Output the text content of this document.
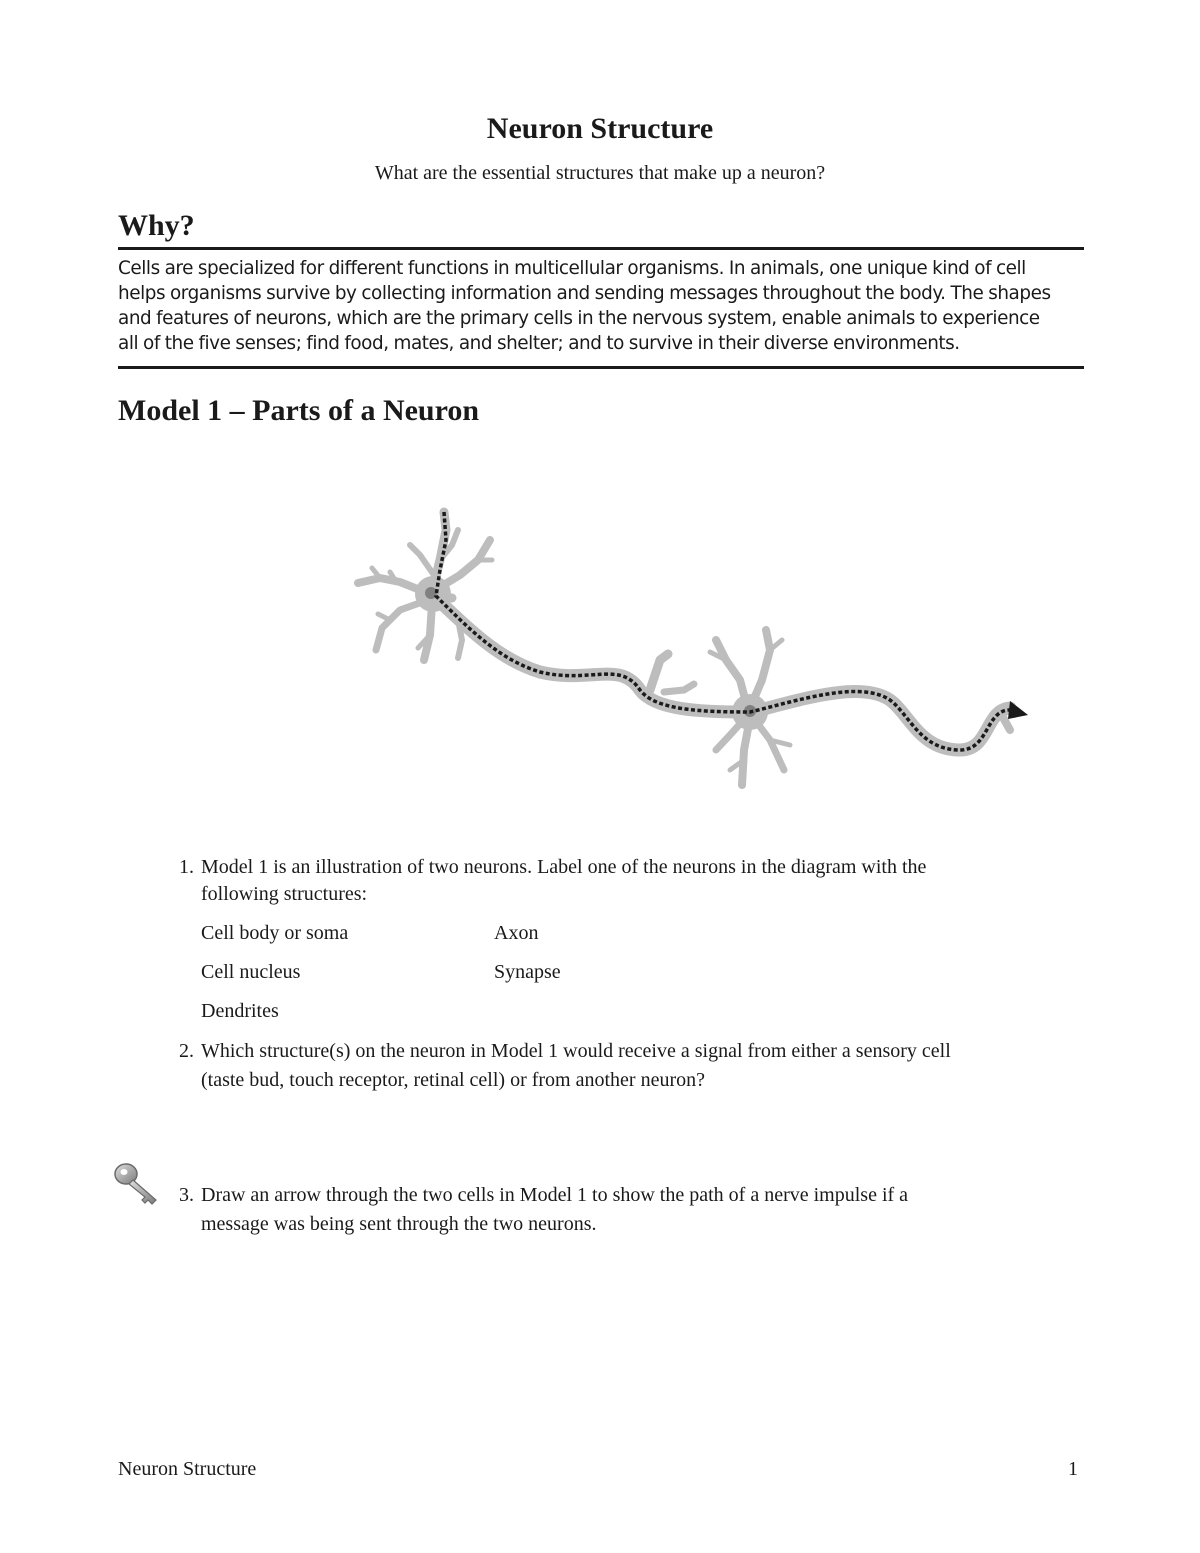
Neuron Structure
What are the essential structures that make up a neuron?
Why?
Cells are specialized for different functions in multicellular organisms. In animals, one unique kind of cell
helps organisms survive by collecting information and sending messages throughout the body. The shapes
and features of neurons, which are the primary cells in the nervous system, enable animals to experience
all of the five senses; find food, mates, and shelter; and to survive in their diverse environments.
Model 1 – Parts of a Neuron
1. Model 1 is an illustration of two neurons. Label one of the neurons in the diagram with the
following structures:
Cell body or soma	Axon
Cell nucleus	Synapse
Dendrites
2. Which structure(s) on the neuron in Model 1 would receive a signal from either a sensory cell
(taste bud, touch receptor, retinal cell) or from another neuron?
3. Draw an arrow through the two cells in Model 1 to show the path of a nerve impulse if a
message was being sent through the two neurons.
Neuron Structure	1
